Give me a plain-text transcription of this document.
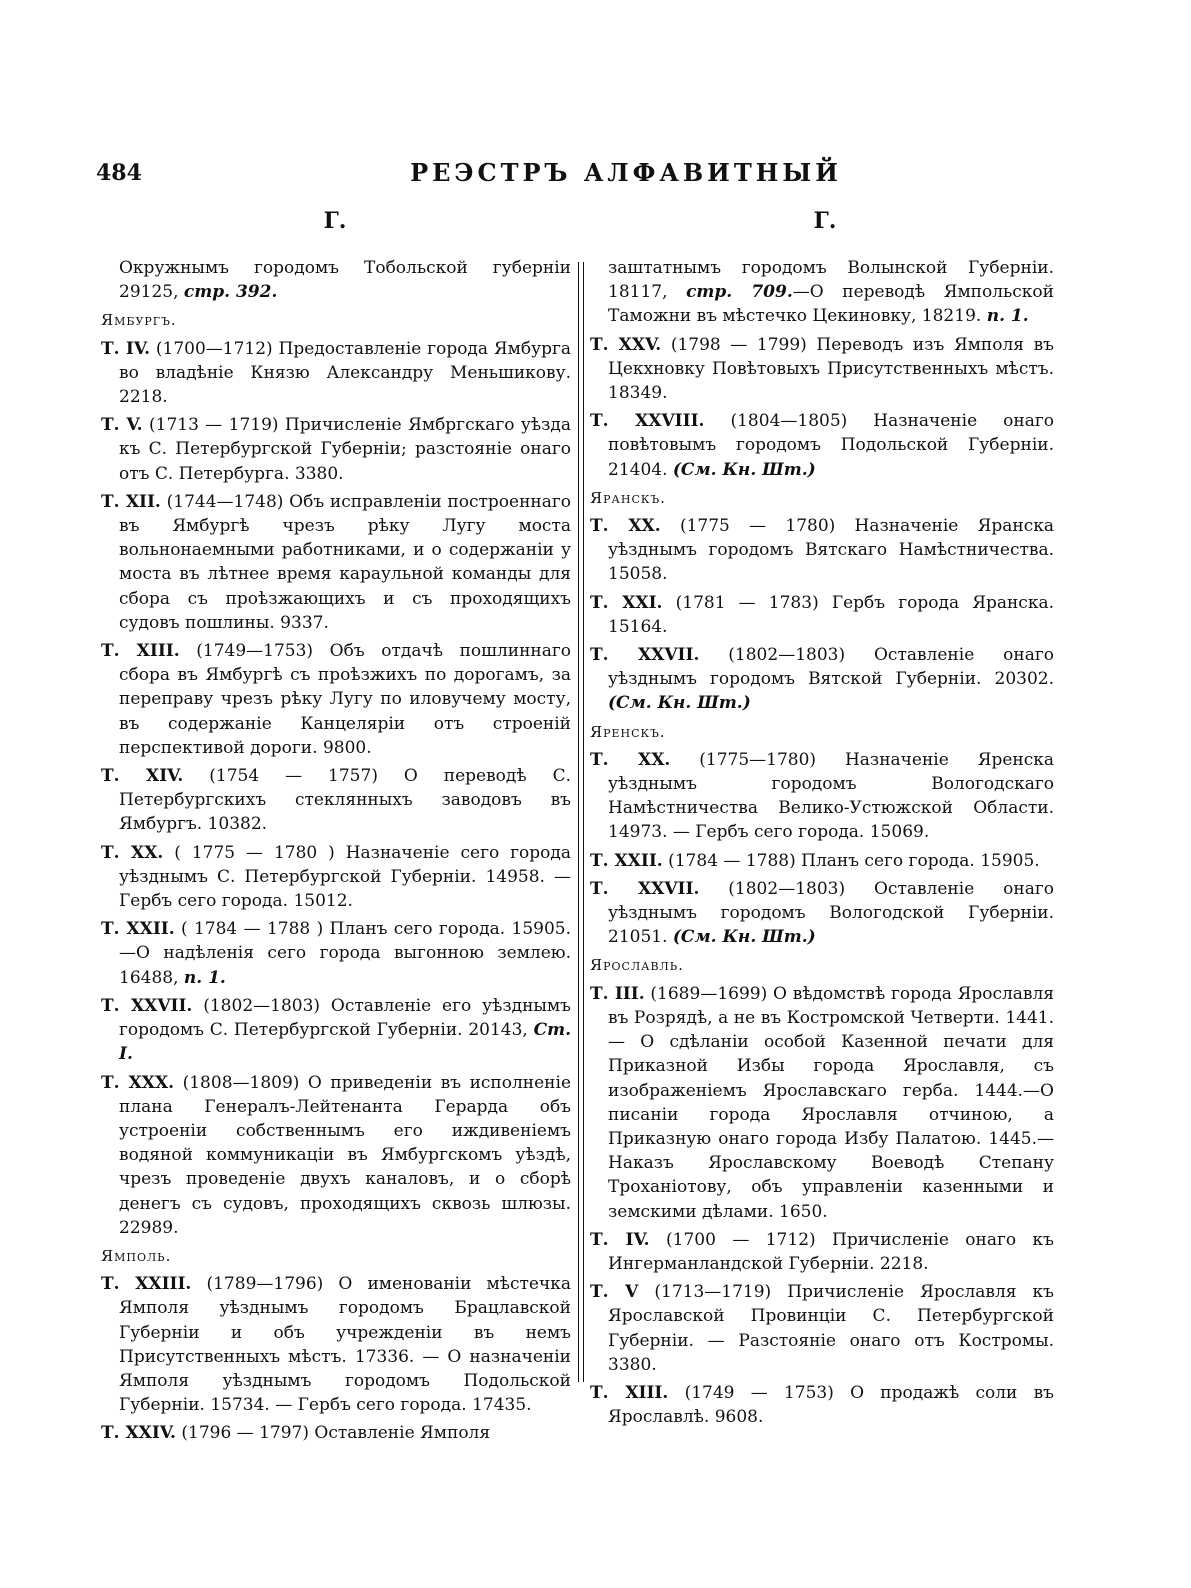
484	РЕЭСТРЪ АЛФАВИТНЫЙ
Г.	Г.
Окружнымъ городомъ Тобольской губерніи 29125, стр. 392.
Ямбургъ.
Т. IV. (1700—1712) Предоставленіе города Ямбурга во владѣніе Князю Александру Меньшикову. 2218.
Т. V. (1713 — 1719) Причисленіе Ямбргскаго уѣзда къ С. Петербургской Губерніи; разстояніе онаго отъ С. Петербурга. 3380.
Т. XII. (1744—1748) Объ исправленіи построеннаго въ Ямбургѣ чрезъ рѣку Лугу моста вольнонаемными работниками, и о содержаніи у моста въ лѣтнее время караульной команды для сбора съ проѣзжающихъ и съ проходящихъ судовъ пошлины. 9337.
Т. XIII. (1749—1753) Объ отдачѣ пошлиннаго сбора въ Ямбургѣ съ проѣзжихъ по дорогамъ, за переправу чрезъ рѣку Лугу по иловучему мосту, въ содержаніе Канцеляріи отъ строеній перспективой дороги. 9800.
Т. XIV. (1754 — 1757) О переводѣ С. Петербургскихъ стеклянныхъ заводовъ въ Ямбургъ. 10382.
Т. XX. ( 1775 — 1780 ) Назначеніе сего города уѣзднымъ С. Петербургской Губерніи. 14958. —Гербъ сего города. 15012.
Т. XXII. ( 1784 — 1788 ) Планъ сего города. 15905.—О надѣленія сего города выгонною землею. 16488, п. 1.
Т. XXVII. (1802—1803) Оставленіе его уѣзднымъ городомъ С. Петербургской Губерніи. 20143, Ст. I.
Т. XXX. (1808—1809) О приведеніи въ исполненіе плана Генералъ-Лейтенанта Герарда объ устроеніи собственнымъ его иждивеніемъ водяной коммуникаціи въ Ямбургскомъ уѣздѣ, чрезъ проведеніе двухъ каналовъ, и о сборѣ денегъ съ судовъ, проходящихъ сквозь шлюзы. 22989.
Ямполь.
Т. XXIII. (1789—1796) О именованіи мѣстечка Ямполя уѣзднымъ городомъ Брацлавской Губерніи и объ учрежденіи въ немъ Присутственныхъ мѣстъ. 17336. — О назначеніи Ямполя уѣзднымъ городомъ Подольской Губерніи. 15734. — Гербъ сего города. 17435.
Т. XXIV. (1796 — 1797) Оставленіе Ямполя
заштатнымъ городомъ Волынской Губерніи. 18117, стр. 709.—О переводѣ Ямпольской Таможни въ мѣстечко Цекиновку, 18219. п. 1.
Т. XXV. (1798 — 1799) Переводъ изъ Ямполя въ Цекхновку Повѣтовыхъ Присутственныхъ мѣстъ. 18349.
Т. XXVIII. (1804—1805) Назначеніе онаго повѣтовымъ городомъ Подольской Губерніи. 21404. (См. Кн. Шт.)
Яранскъ.
Т. XX. (1775 — 1780) Назначеніе Яранска уѣзднымъ городомъ Вятскаго Намѣстничества. 15058.
Т. XXI. (1781 — 1783) Гербъ города Яранска. 15164.
Т. XXVII. (1802—1803) Оставленіе онаго уѣзднымъ городомъ Вятской Губерніи. 20302. (См. Кн. Шт.)
Яренскъ.
Т. XX. (1775—1780) Назначеніе Яренска уѣзднымъ городомъ Вологодскаго Намѣстничества Велико-Устюжской Области. 14973. — Гербъ сего города. 15069.
Т. XXII. (1784 — 1788) Планъ сего города. 15905.
Т. XXVII. (1802—1803) Оставленіе онаго уѣзднымъ городомъ Вологодской Губерніи. 21051. (См. Кн. Шт.)
Ярославль.
Т. III. (1689—1699) О вѣдомствѣ города Ярославля въ Розрядѣ, а не въ Костромской Четверти. 1441. — О сдѣланіи особой Казенной печати для Приказной Избы города Ярославля, съ изображеніемъ Ярославскаго герба. 1444.—О писаніи города Ярославля отчиною, а Приказную онаго города Избу Палатою. 1445.—Наказъ Ярославскому Воеводѣ Степану Троханіотову, объ управленіи казенными и земскими дѣлами. 1650.
Т. IV. (1700 — 1712) Причисленіе онаго къ Ингерманландской Губерніи. 2218.
Т. V (1713—1719) Причисленіе Ярославля къ Ярославской Провинціи С. Петербургской Губерніи. — Разстояніе онаго отъ Костромы. 3380.
Т. XIII. (1749 — 1753) О продажѣ соли въ Ярославлѣ. 9608.
